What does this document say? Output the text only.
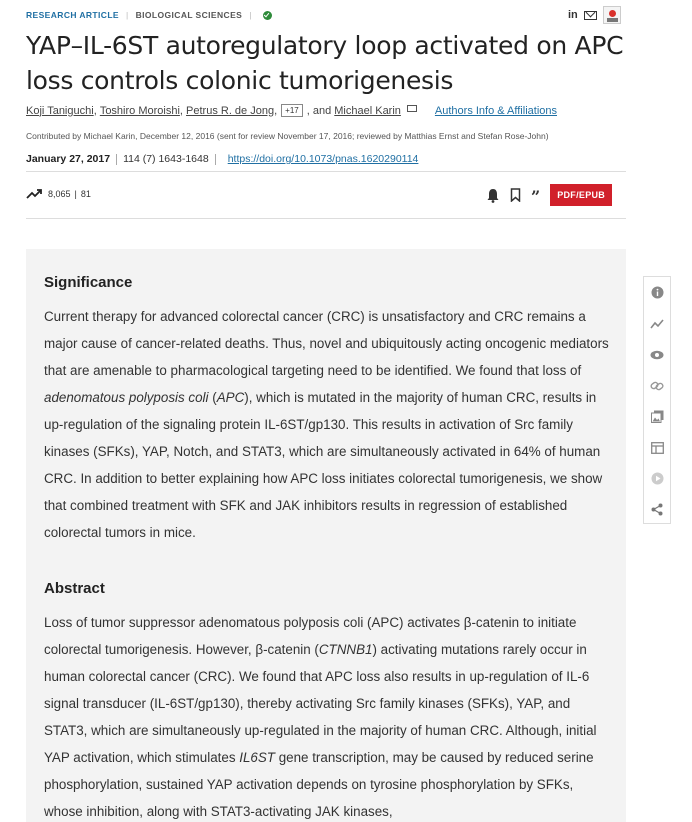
RESEARCH ARTICLE | BIOLOGICAL SCIENCES |	in
YAP–IL-6ST autoregulatory loop activated on APC loss controls colonic tumorigenesis
Koji Taniguchi , Toshiro Moroishi , Petrus R. de Jong ,	+17 , and
Michael Karin	Authors Info & Affiliations
Contributed by Michael Karin, December 12, 2016 (sent for review November 17, 2016; reviewed by Matthias Ernst and Stefan Rose-John)
January 27, 2017 114 (7) 1643-1648 https://doi.org/10.1073/pnas.1620290114
8,065 | 81	”	PDF/EPUB
Significance

Current therapy for advanced colorectal cancer (CRC) is unsatisfactory and CRC remains a major cause of cancer-related deaths. Thus, novel and ubiquitously acting oncogenic mediators that are amenable to pharmacological targeting need to be identified. We found that loss of adenomatous polyposis coli (APC), which is mutated in the majority of human CRC, results in up-regulation of the signaling protein IL-6ST/gp130. This results in activation of Src family kinases (SFKs), YAP, Notch, and STAT3, which are simultaneously activated in 64% of human CRC. In addition to better explaining how APC loss initiates colorectal tumorigenesis, we show that combined treatment with SFK and JAK inhibitors results in regression of established colorectal tumors in mice.

Abstract

Loss of tumor suppressor adenomatous polyposis coli (APC) activates β-catenin to initiate colorectal tumorigenesis. However, β-catenin (CTNNB1) activating mutations rarely occur in human colorectal cancer (CRC). We found that APC loss also results in up-regulation of IL-6 signal transducer (IL-6ST/gp130), thereby activating Src family kinases (SFKs), YAP, and STAT3, which are simultaneously up-regulated in the majority of human CRC. Although, initial YAP activation, which stimulates IL6ST gene transcription, may be caused by reduced serine phosphorylation, sustained YAP activation depends on tyrosine phosphorylation by SFKs, whose inhibition, along with STAT3-activating JAK kinases,
